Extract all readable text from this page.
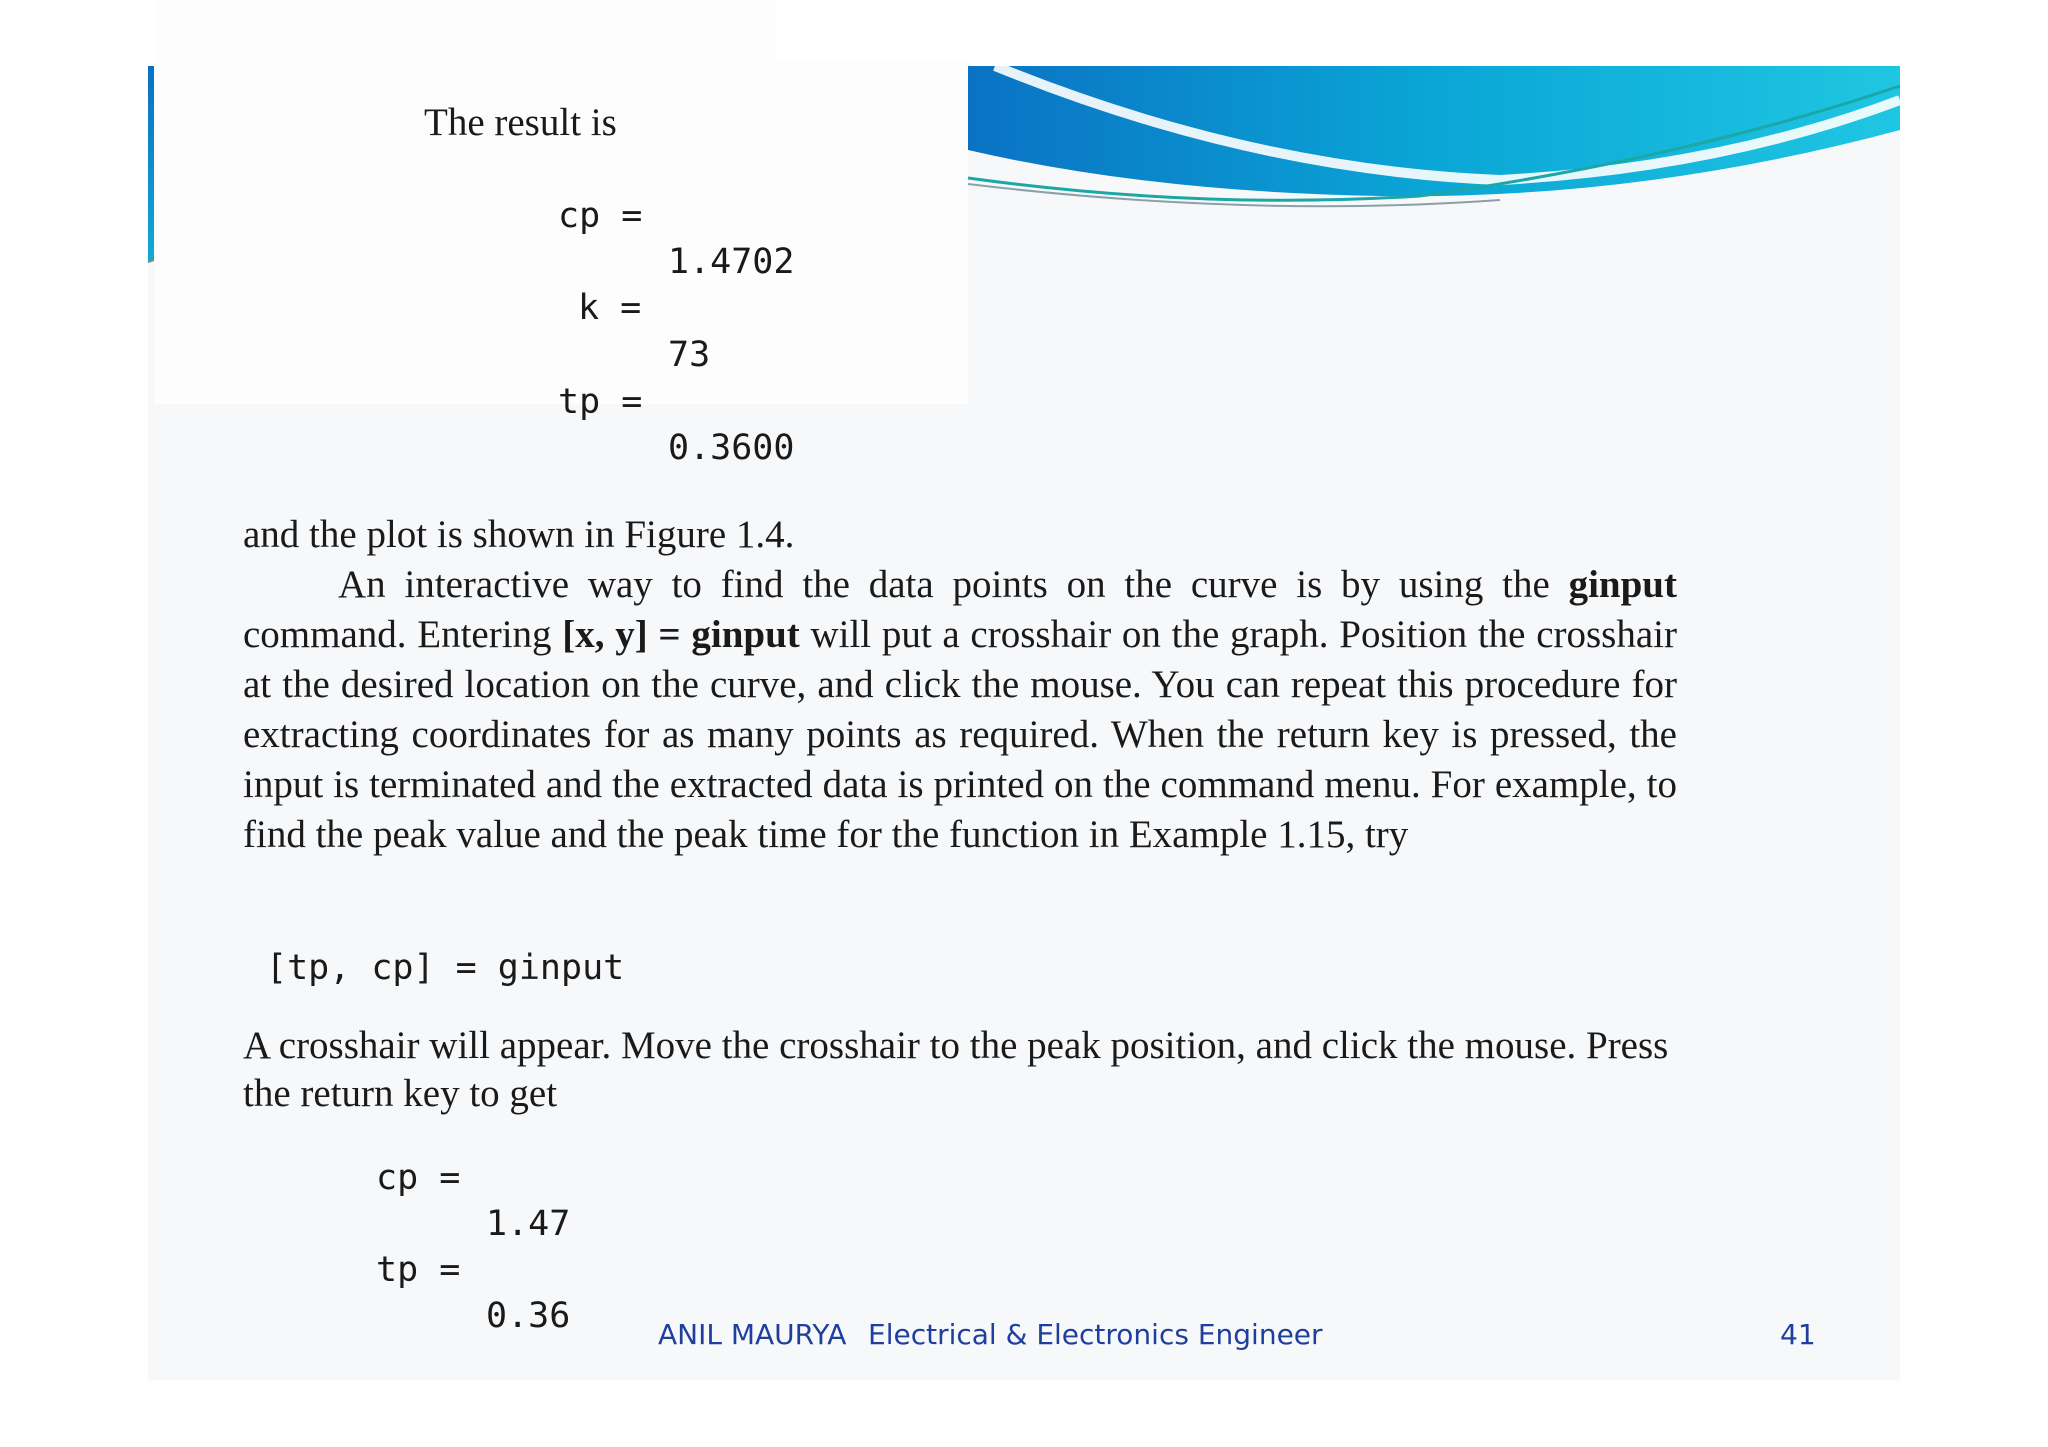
The result is
cp =
1.4702
k =
73
tp =
0.3600

and the plot is shown in Figure 1.4.

An interactive way to find the data points on the curve is by using the ginput command. Entering [x, y] = ginput will put a crosshair on the graph. Position the crosshair at the desired location on the curve, and click the mouse. You can repeat this procedure for extracting coordinates for as many points as required. When the return key is pressed, the input is terminated and the extracted data is printed on the command menu. For example, to find the peak value and the peak time for the function in Example 1.15, try

[tp, cp] = ginput
A crosshair will appear. Move the crosshair to the peak position, and click the mouse. Press the return key to get
cp =
1.47
tp =
0.36	ANIL MAURYA Electrical & Electronics Engineer	41
